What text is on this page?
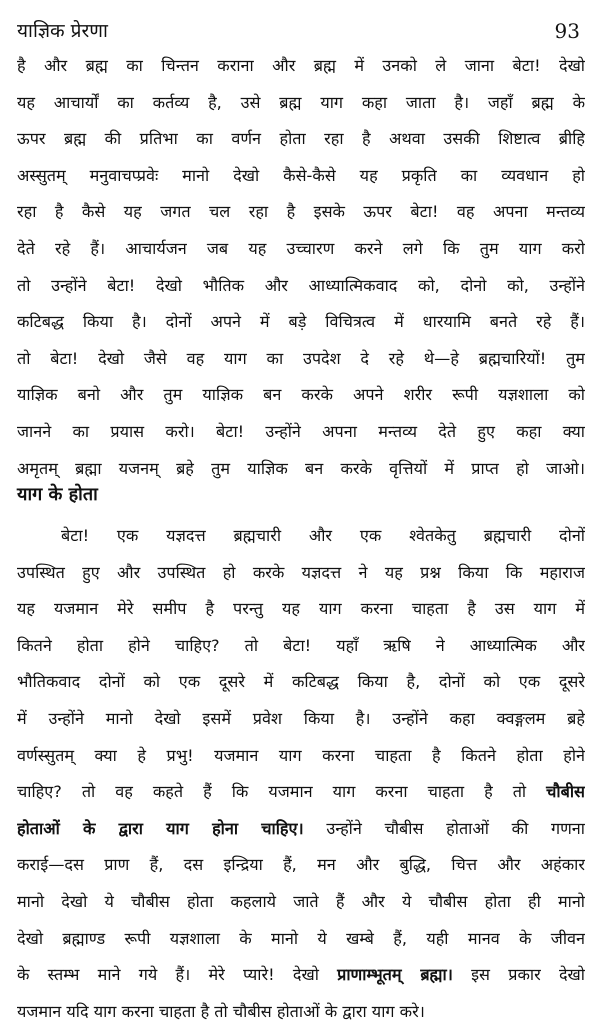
याज्ञिक प्रेरणा	93
है और ब्रह्म का चिन्तन कराना और ब्रह्म में उनको ले जाना बेटा! देखो
यह आचार्यों का कर्तव्य है, उसे ब्रह्म याग कहा जाता है। जहाँ ब्रह्म के
ऊपर ब्रह्म की प्रतिभा का वर्णन होता रहा है अथवा उसकी शिष्टात्व ब्रीहि
अस्सुतम् मनुवाचप्प्रवेः मानो देखो कैसे-कैसे यह प्रकृति का व्यवधान हो
रहा है कैसे यह जगत चल रहा है इसके ऊपर बेटा! वह अपना मन्तव्य
देते रहे हैं। आचार्यजन जब यह उच्चारण करने लगे कि तुम याग करो
तो उन्होंने बेटा! देखो भौतिक और आध्यात्मिकवाद को, दोनो को, उन्होंने
कटिबद्ध किया है। दोनों अपने में बड़े विचित्रत्व में धारयामि बनते रहे हैं।
तो बेटा! देखो जैसे वह याग का उपदेश दे रहे थे—हे ब्रह्मचारियों! तुम
याज्ञिक बनो और तुम याज्ञिक बन करके अपने शरीर रूपी यज्ञशाला को
जानने का प्रयास करो। बेटा! उन्होंने अपना मन्तव्य देते हुए कहा क्या
अमृतम् ब्रह्मा यजनम् ब्रहे तुम याज्ञिक बन करके वृत्तियों में प्राप्त हो जाओ।
याग के होता
बेटा! एक यज्ञदत्त ब्रह्मचारी और एक श्वेतकेतु ब्रह्मचारी दोनों
उपस्थित हुए और उपस्थित हो करके यज्ञदत्त ने यह प्रश्न किया कि महाराज
यह यजमान मेरे समीप है परन्तु यह याग करना चाहता है उस याग में
कितने होता होने चाहिए? तो बेटा! यहाँ ऋषि ने आध्यात्मिक और
भौतिकवाद दोनों को एक दूसरे में कटिबद्ध किया है, दोनों को एक दूसरे
में उन्होंने मानो देखो इसमें प्रवेश किया है। उन्होंने कहा क्वङ्गलम ब्रहे
वर्णस्सुतम् क्या हे प्रभु! यजमान याग करना चाहता है कितने होता होने
चाहिए? तो वह कहते हैं कि यजमान याग करना चाहता है तो चौबीस
होताओं के द्वारा याग होना चाहिए। उन्होंने चौबीस होताओं की गणना
कराई—दस प्राण हैं, दस इन्द्रिया हैं, मन और बुद्धि, चित्त और अहंकार
मानो देखो ये चौबीस होता कहलाये जाते हैं और ये चौबीस होता ही मानो
देखो ब्रह्माण्ड रूपी यज्ञशाला के मानो ये खम्बे हैं, यही मानव के जीवन
के स्तम्भ माने गये हैं। मेरे प्यारे! देखो प्राणाम्भूतम् ब्रह्मा। इस प्रकार देखो
यजमान यदि याग करना चाहता है तो चौबीस होताओं के द्वारा याग करे।
